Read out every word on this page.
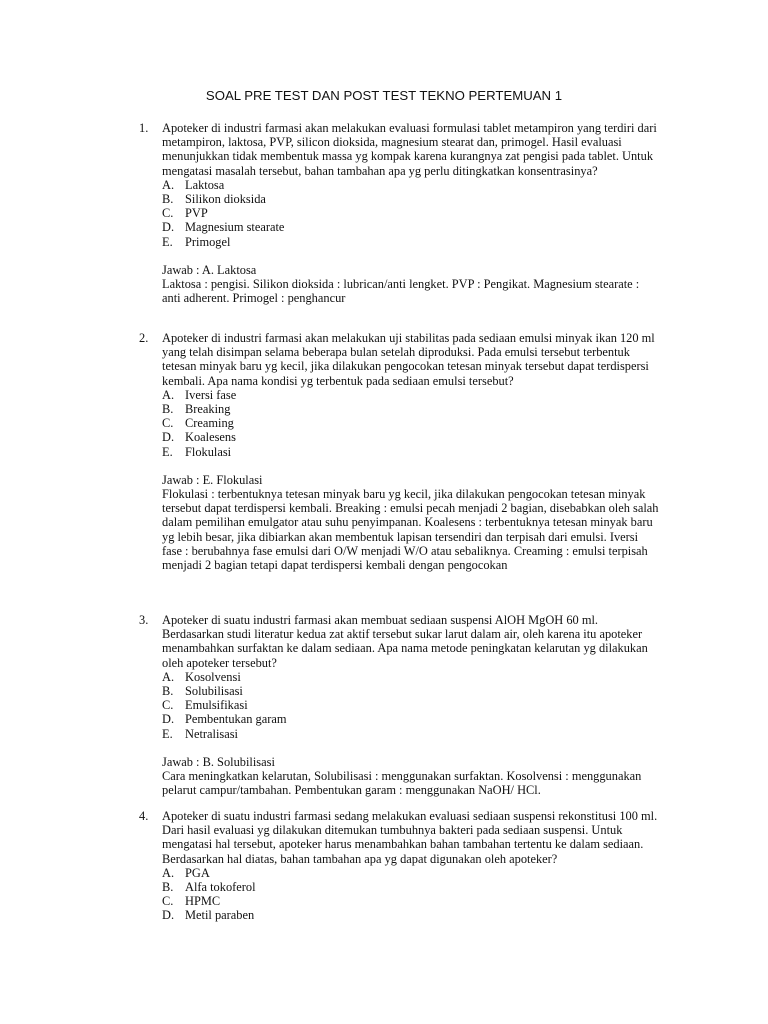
SOAL PRE TEST DAN POST TEST TEKNO PERTEMUAN 1
1. Apoteker di industri farmasi akan melakukan evaluasi formulasi tablet metampiron yang terdiri dari metampiron, laktosa, PVP, silicon dioksida, magnesium stearat dan, primogel. Hasil evaluasi menunjukkan tidak membentuk massa yg kompak karena kurangnya zat pengisi pada tablet. Untuk mengatasi masalah tersebut, bahan tambahan apa yg perlu ditingkatkan konsentrasinya?

A. Laktosa
B. Silikon dioksida
C. PVP
D. Magnesium stearate
E. Primogel

Jawab : A. Laktosa

Laktosa : pengisi. Silikon dioksida : lubrican/anti lengket. PVP : Pengikat. Magnesium stearate : anti adherent. Primogel : penghancur

2. Apoteker di industri farmasi akan melakukan uji stabilitas pada sediaan emulsi minyak ikan 120 ml yang telah disimpan selama beberapa bulan setelah diproduksi. Pada emulsi tersebut terbentuk tetesan minyak baru yg kecil, jika dilakukan pengocokan tetesan minyak tersebut dapat terdispersi kembali. Apa nama kondisi yg terbentuk pada sediaan emulsi tersebut?

A. Iversi fase
B. Breaking
C. Creaming
D. Koalesens
E. Flokulasi

Jawab : E. Flokulasi

Flokulasi : terbentuknya tetesan minyak baru yg kecil, jika dilakukan pengocokan tetesan minyak tersebut dapat terdispersi kembali. Breaking : emulsi pecah menjadi 2 bagian, disebabkan oleh salah dalam pemilihan emulgator atau suhu penyimpanan. Koalesens : terbentuknya tetesan minyak baru yg lebih besar, jika dibiarkan akan membentuk lapisan tersendiri dan terpisah dari emulsi. Iversi fase : berubahnya fase emulsi dari O/W menjadi W/O atau sebaliknya. Creaming : emulsi terpisah menjadi 2 bagian tetapi dapat terdispersi kembali dengan pengocokan

3. Apoteker di suatu industri farmasi akan membuat sediaan suspensi AlOH MgOH 60 ml. Berdasarkan studi literatur kedua zat aktif tersebut sukar larut dalam air, oleh karena itu apoteker menambahkan surfaktan ke dalam sediaan. Apa nama metode peningkatan kelarutan yg dilakukan oleh apoteker tersebut?

A. Kosolvensi
B. Solubilisasi
C. Emulsifikasi
D. Pembentukan garam
E. Netralisasi

Jawab : B. Solubilisasi

Cara meningkatkan kelarutan, Solubilisasi : menggunakan surfaktan. Kosolvensi : menggunakan pelarut campur/tambahan. Pembentukan garam : menggunakan NaOH/ HCl.

4. Apoteker di suatu industri farmasi sedang melakukan evaluasi sediaan suspensi rekonstitusi 100 ml. Dari hasil evaluasi yg dilakukan ditemukan tumbuhnya bakteri pada sediaan suspensi. Untuk mengatasi hal tersebut, apoteker harus menambahkan bahan tambahan tertentu ke dalam sediaan. Berdasarkan hal diatas, bahan tambahan apa yg dapat digunakan oleh apoteker?

A. PGA
B. Alfa tokoferol
C. HPMC
D. Metil paraben
